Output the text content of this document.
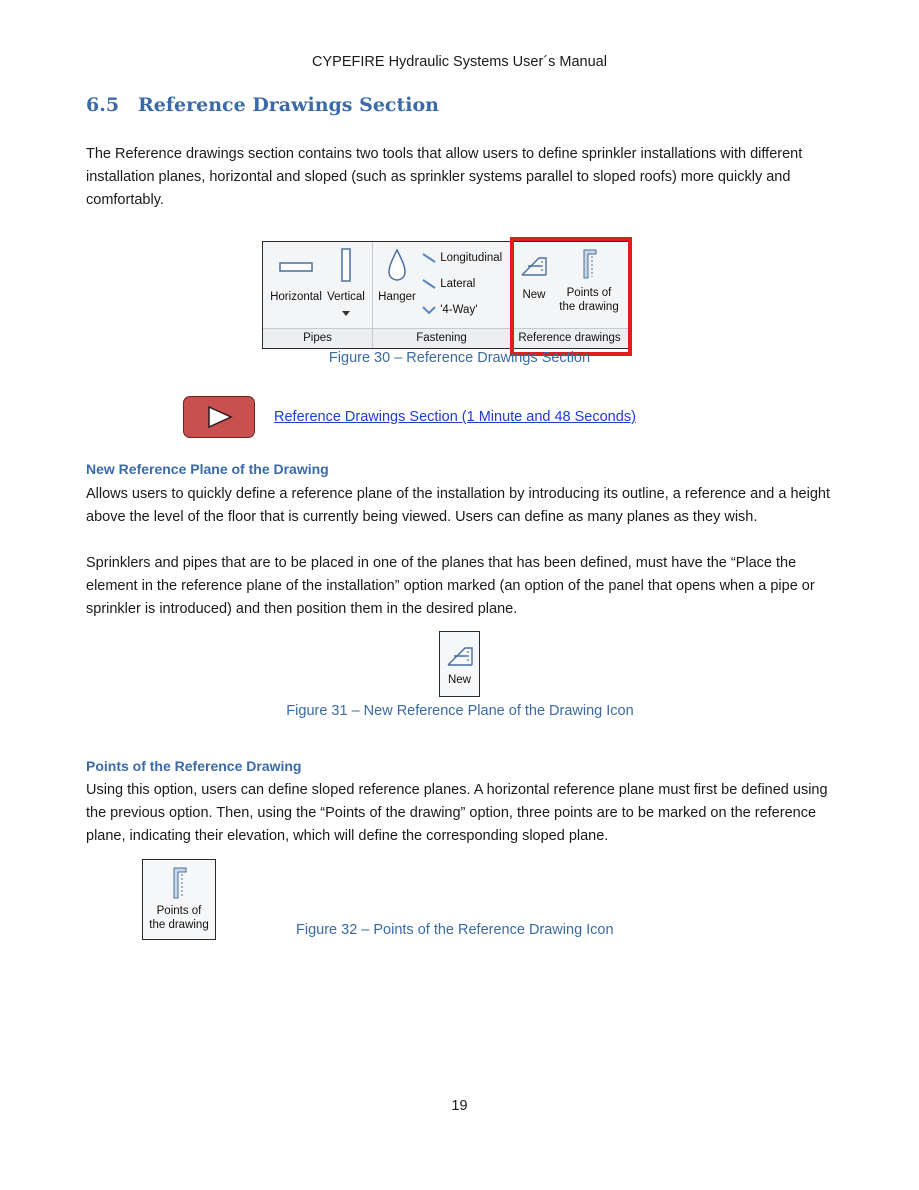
CYPEFIRE Hydraulic Systems User´s Manual
6.5 Reference Drawings Section
The Reference drawings section contains two tools that allow users to define sprinkler installations with different installation planes, horizontal and sloped (such as sprinkler systems parallel to sloped roofs) more quickly and comfortably.
Horizontal Vertical
Pipes
Hanger
Longitudinal
Lateral
'4-Way'
Fastening
New	Points of
the drawing
Reference drawings
Figure 30 – Reference Drawings Section
Reference Drawings Section (1 Minute and 48 Seconds)
New Reference Plane of the Drawing
Allows users to quickly define a reference plane of the installation by introducing its outline, a reference and a height above the level of the floor that is currently being viewed. Users can define as many planes as they wish.
Sprinklers and pipes that are to be placed in one of the planes that has been defined, must have the “Place the element in the reference plane of the installation” option marked (an option of the panel that opens when a pipe or sprinkler is introduced) and then position them in the desired plane.
New
Figure 31 – New Reference Plane of the Drawing Icon
Points of the Reference Drawing
Using this option, users can define sloped reference planes. A horizontal reference plane must first be defined using the previous option. Then, using the “Points of the drawing” option, three points are to be marked on the reference plane, indicating their elevation, which will define the corresponding sloped plane.
Points of
the drawing	Figure 32 – Points of the Reference Drawing Icon
19
